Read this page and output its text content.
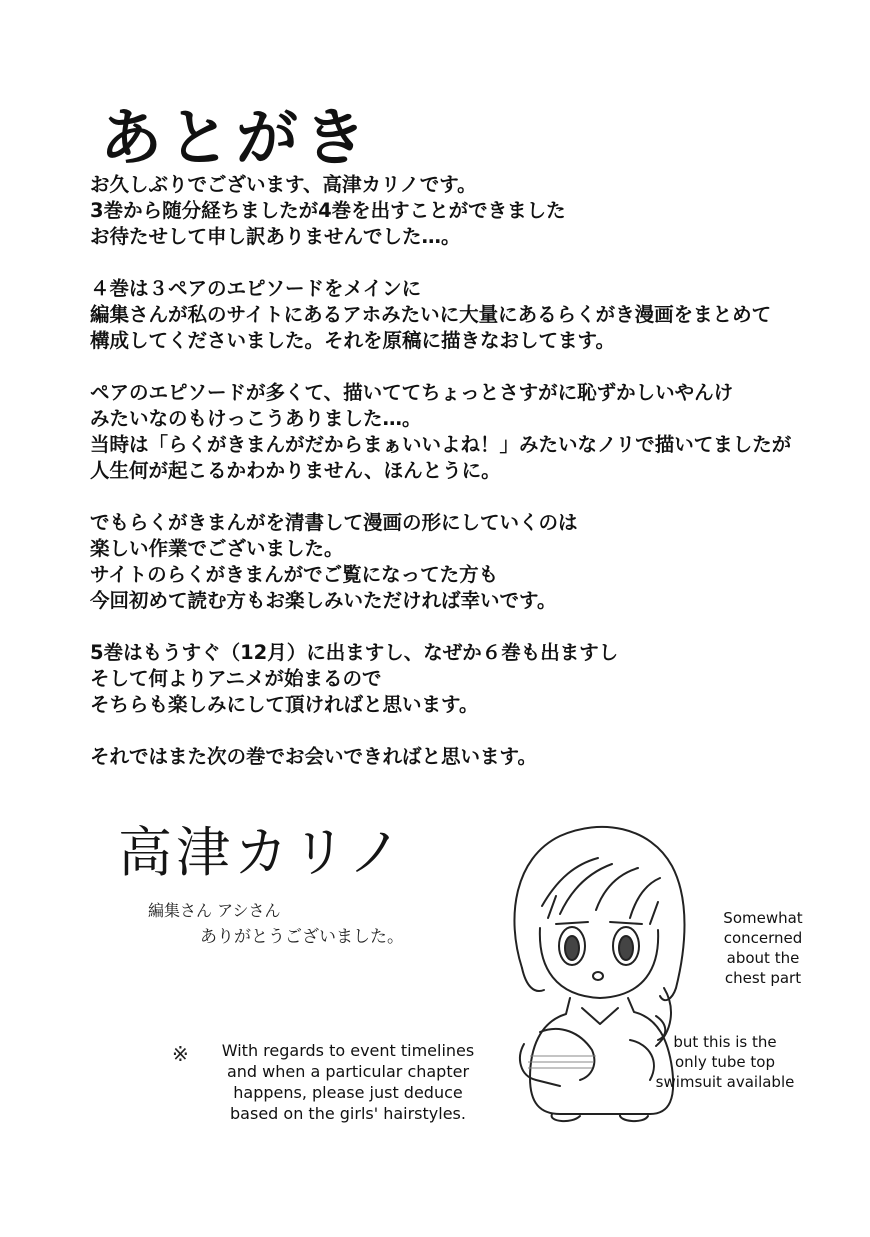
あとがき

お久しぶりでございます、高津カリノです。
3巻から随分経ちましたが4巻を出すことができました
お待たせして申し訳ありませんでした…。

４巻は３ペアのエピソードをメインに
編集さんが私のサイトにあるアホみたいに大量にあるらくがき漫画をまとめて
構成してくださいました。それを原稿に描きなおしてます。

ペアのエピソードが多くて、描いててちょっとさすがに恥ずかしいやんけ
みたいなのもけっこうありました…。
当時は「らくがきまんがだからまぁいいよね！」みたいなノリで描いてましたが
人生何が起こるかわかりません、ほんとうに。

でもらくがきまんがを清書して漫画の形にしていくのは
楽しい作業でございました。
サイトのらくがきまんがでご覧になってた方も
今回初めて読む方もお楽しみいただければ幸いです。

5巻はもうすぐ（12月）に出ますし、なぜか６巻も出ますし
そして何よりアニメが始まるので
そちらも楽しみにして頂ければと思います。

それではまた次の巻でお会いできればと思います。

高津カリノ
編集さん アシさん
ありがとうございました。
※	With regards to event timelines
and when a particular chapter
happens, please just deduce
based on the girls' hairstyles.
Somewhat
concerned
about the
chest part
but this is the
only tube top
swimsuit available
